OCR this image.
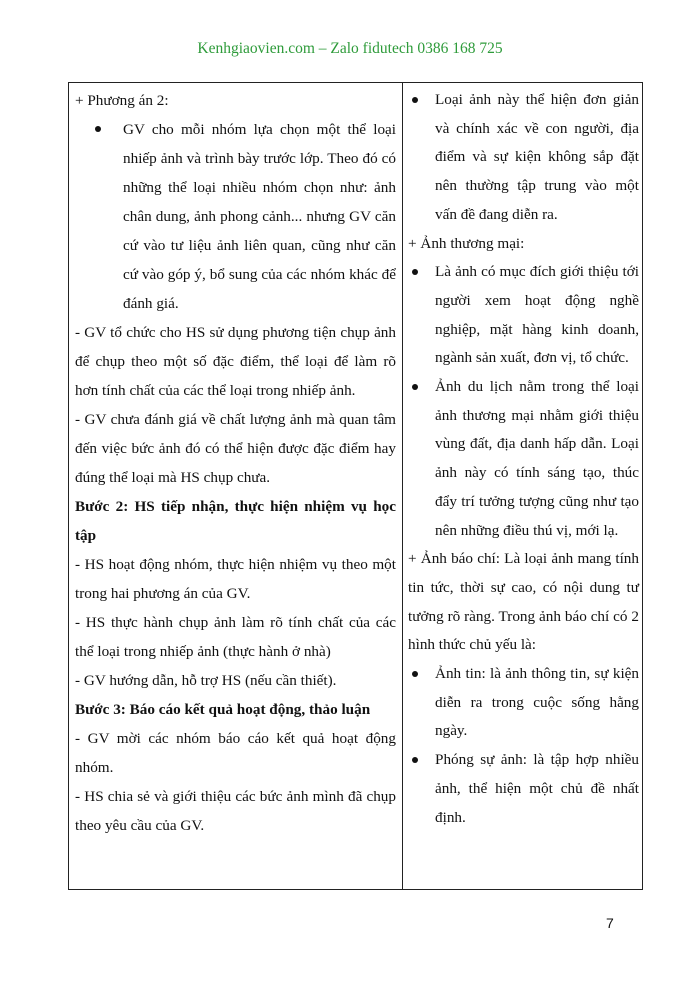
Kenhgiaovien.com – Zalo fidutech 0386 168 725

+ Phương án 2:

GV cho mỗi nhóm lựa chọn một thể loại nhiếp ảnh và trình bày trước lớp. Theo đó có những thể loại nhiều nhóm chọn như: ảnh chân dung, ảnh phong cảnh... nhưng GV căn cứ vào tư liệu ảnh liên quan, cũng như căn cứ vào góp ý, bổ sung của các nhóm khác để đánh giá.

- GV tổ chức cho HS sử dụng phương tiện chụp ảnh để chụp theo một số đặc điểm, thể loại để làm rõ hơn tính chất của các thể loại trong nhiếp ảnh.

- GV chưa đánh giá về chất lượng ảnh mà quan tâm đến việc bức ảnh đó có thể hiện được đặc điểm hay đúng thể loại mà HS chụp chưa.

Bước 2: HS tiếp nhận, thực hiện nhiệm vụ học tập

- HS hoạt động nhóm, thực hiện nhiệm vụ theo một trong hai phương án của GV.

- HS thực hành chụp ảnh làm rõ tính chất của các thể loại trong nhiếp ảnh (thực hành ở nhà)

- GV hướng dẫn, hỗ trợ HS (nếu cần thiết).

Bước 3: Báo cáo kết quả hoạt động, thảo luận

- GV mời các nhóm báo cáo kết quả hoạt động nhóm.

- HS chia sẻ và giới thiệu các bức ảnh mình đã chụp theo yêu cầu của GV.

Loại ảnh này thể hiện đơn giản và chính xác về con người, địa điểm và sự kiện không sắp đặt nên thường tập trung vào một vấn đề đang diễn ra.

+ Ảnh thương mại:

Là ảnh có mục đích giới thiệu tới người xem hoạt động nghề nghiệp, mặt hàng kinh doanh, ngành sản xuất, đơn vị, tổ chức.
Ảnh du lịch nằm trong thể loại ảnh thương mại nhằm giới thiệu vùng đất, địa danh hấp dẫn. Loại ảnh này có tính sáng tạo, thúc đẩy trí tưởng tượng cũng như tạo nên những điều thú vị, mới lạ.

+ Ảnh báo chí: Là loại ảnh mang tính tin tức, thời sự cao, có nội dung tư tưởng rõ ràng. Trong ảnh báo chí có 2 hình thức chủ yếu là:

Ảnh tin: là ảnh thông tin, sự kiện diễn ra trong cuộc sống hằng ngày.
Phóng sự ảnh: là tập hợp nhiều ảnh, thể hiện một chủ đề nhất định.
7
